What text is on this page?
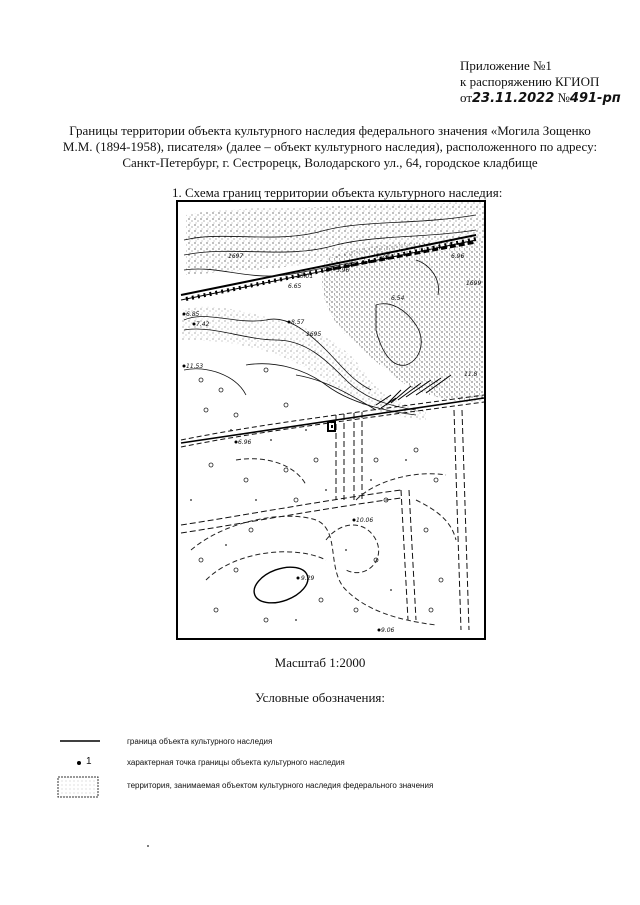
Приложение №1
к распоряжению КГИОП
от23.11.2022 №491-рп
Границы территории объекта культурного наследия федерального значения «Могила Зощенко
М.М. (1894-1958), писателя» (далее – объект культурного наследия), расположенного по адресу:
Санкт-Петербург, г. Сестрорецк, Володарского ул., 64, городское кладбище
1. Схема границ территории объекта культурного наследия:
1697	7.74	6.96
10.01
6.65
5.96
6.54
1699
6.85
7.42	8.57
1695
11.53
11.8
6.96
10.06
9.29
9.06
Масштаб 1:2000
Условные обозначения:
граница объекта культурного наследия
1	характерная точка границы объекта культурного наследия
территория, занимаемая объектом культурного наследия федерального значения
